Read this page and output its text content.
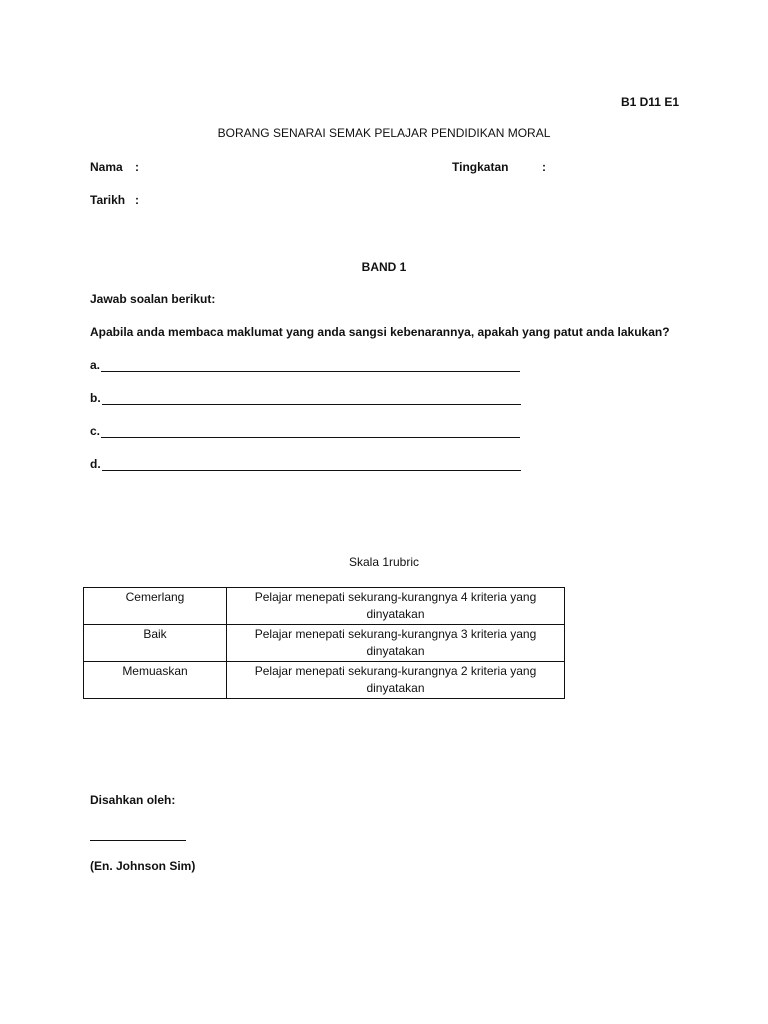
B1 D11 E1
BORANG SENARAI SEMAK PELAJAR PENDIDIKAN MORAL
Nama :	Tingkatan	:
Tarikh :
BAND 1
Jawab soalan berikut:
Apabila anda membaca maklumat yang anda sangsi kebenarannya, apakah yang patut anda lakukan?
a.
b.
c.
d.
Skala 1rubric
Cemerlang	Pelajar menepati sekurang-kurangnya 4 kriteria yang dinyatakan
Baik	Pelajar menepati sekurang-kurangnya 3 kriteria yang dinyatakan
Memuaskan	Pelajar menepati sekurang-kurangnya 2 kriteria yang dinyatakan
Disahkan oleh:
(En. Johnson Sim)
